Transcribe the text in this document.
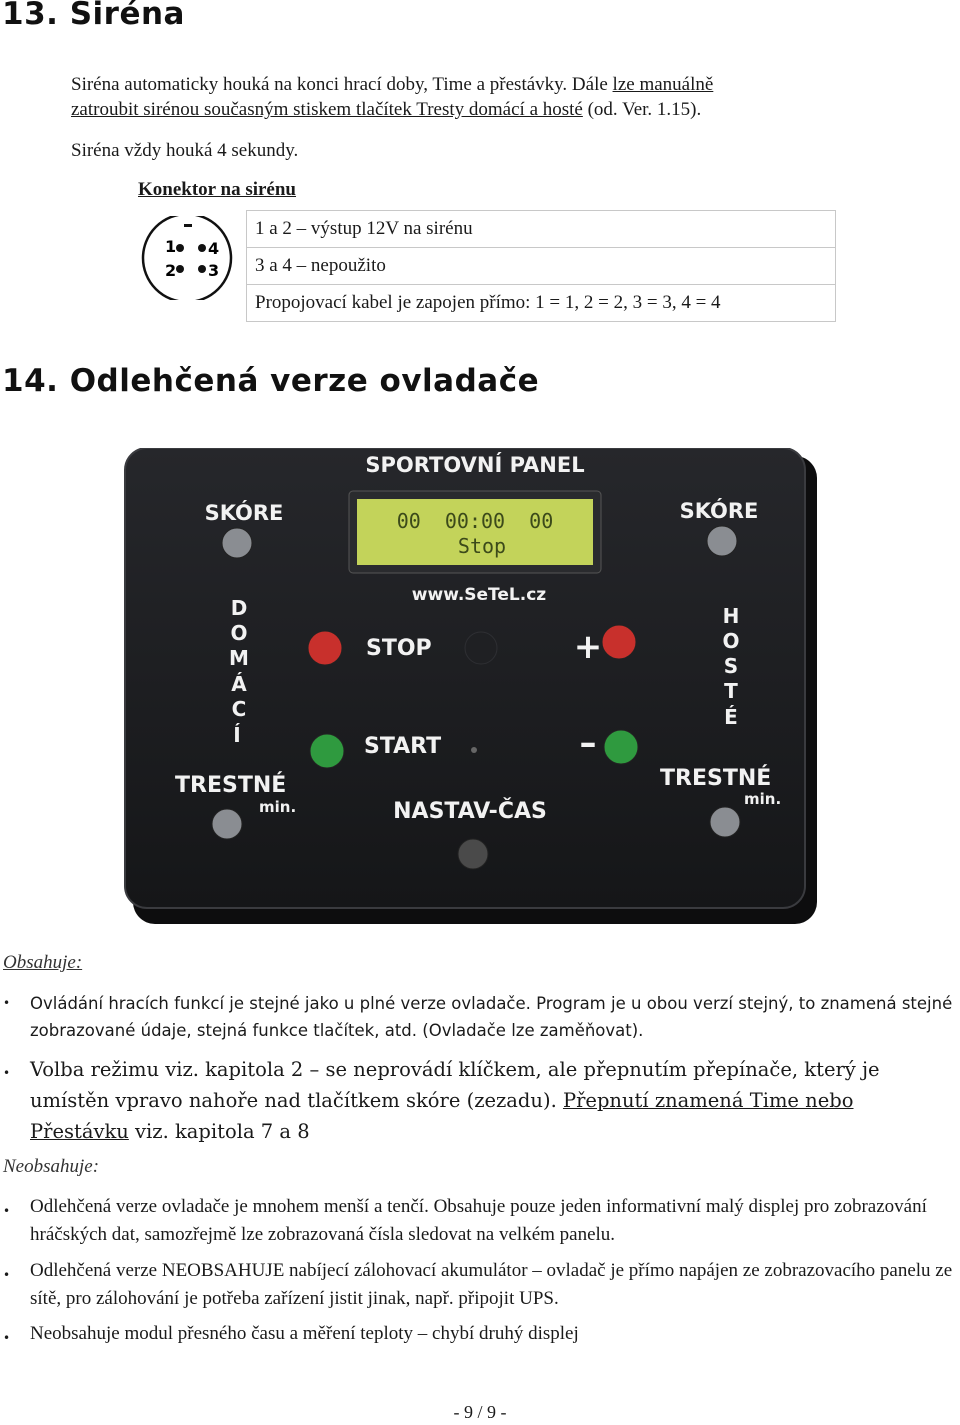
13. Siréna
Siréna automaticky houká na konci hrací doby, Time a přestávky. Dále lze manuálně
zatroubit sirénou současným stiskem tlačítek Tresty domácí a hosté (od. Ver. 1.15).
Siréna vždy houká 4 sekundy.
Konektor na sirénu
1
2 3
4
1 a 2 – výstup 12V na sirénu
3 a 4 – nepoužito
Propojovací kabel je zapojen přímo: 1 = 1, 2 = 2, 3 = 3, 4 = 4
14. Odlehčená verze ovladače
SPORTOVNÍ PANEL
00  00:00  00
Stop
www.SeTeL.cz
SKÓRE	SKÓRE
D
O
M
Á
C
Í
H
O
S
T
É
STOP	+
START	–
TRESTNÉ
min.
TRESTNÉ
min.
NASTAV-ČAS
Obsahuje:
• Ovládání hracích funkcí je stejné jako u plné verze ovladače. Program je u obou verzí stejný, to znamená stejné zobrazované údaje, stejná funkce tlačítek, atd. (Ovladače lze zaměňovat).
• Volba režimu viz. kapitola 2 – se neprovádí klíčkem, ale přepnutím přepínače, který je umístěn vpravo nahoře nad tlačítkem skóre (zezadu). Přepnutí znamená Time nebo Přestávku viz. kapitola 7 a 8
Neobsahuje:
• Odlehčená verze ovladače je mnohem menší a tenčí. Obsahuje pouze jeden informativní malý displej pro zobrazování hráčských dat, samozřejmě lze zobrazovaná čísla sledovat na velkém panelu.
• Odlehčená verze NEOBSAHUJE nabíjecí zálohovací akumulátor – ovladač je přímo napájen ze zobrazovacího panelu ze sítě, pro zálohování je potřeba zařízení jistit jinak, např. připojit UPS.
• Neobsahuje modul přesného času a měření teploty – chybí druhý displej
- 9 / 9 -
